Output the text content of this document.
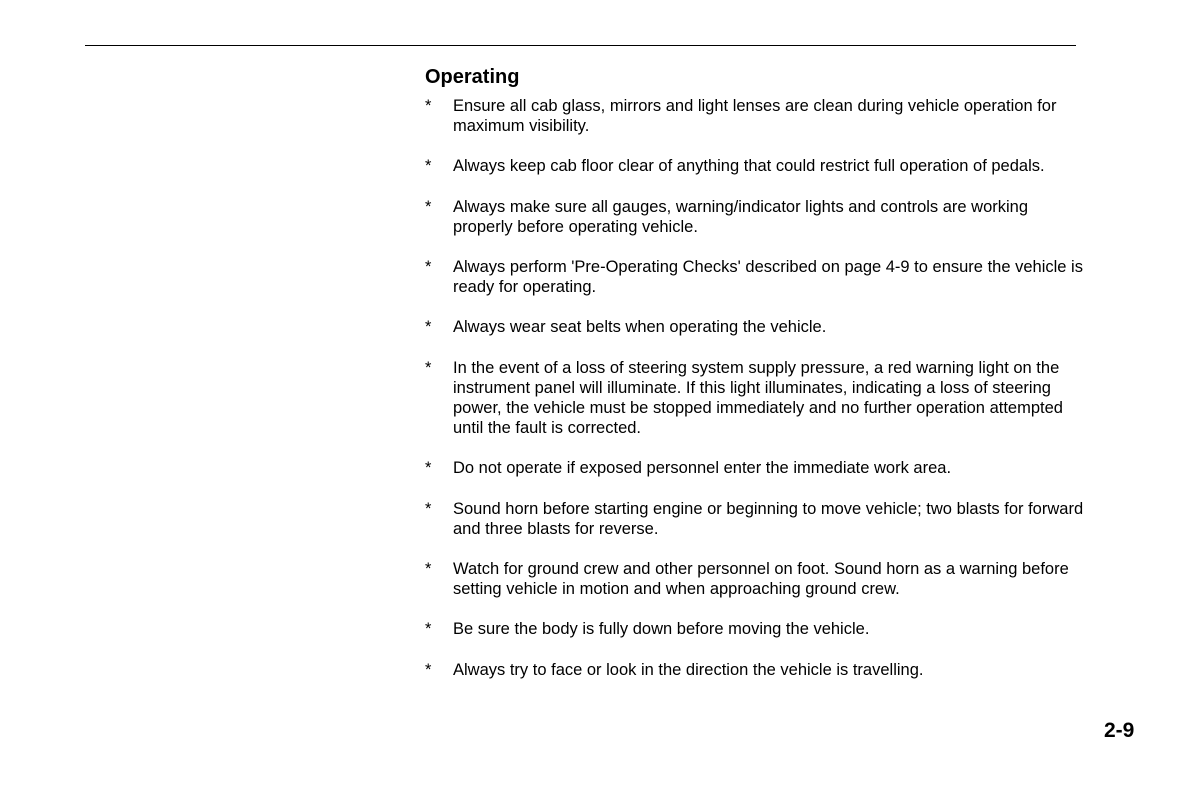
Operating
* Ensure all cab glass, mirrors and light lenses are clean during vehicle operation for maximum visibility.
* Always keep cab floor clear of anything that could restrict full operation of pedals.
* Always make sure all gauges, warning/indicator lights and controls are working properly before operating vehicle.
* Always perform 'Pre-Operating Checks' described on page 4-9 to ensure the vehicle is ready for operating.
* Always wear seat belts when operating the vehicle.
* In the event of a loss of steering system supply pressure, a red warning light on the instrument panel will illuminate. If this light illuminates, indicating a loss of steering power, the vehicle must be stopped immediately and no further operation attempted until the fault is corrected.
* Do not operate if exposed personnel enter the immediate work area.
* Sound horn before starting engine or beginning to move vehicle; two blasts for forward and three blasts for reverse.
* Watch for ground crew and other personnel on foot. Sound horn as a warning before setting vehicle in motion and when approaching ground crew.
* Be sure the body is fully down before moving the vehicle.
* Always try to face or look in the direction the vehicle is travelling.
2-9
